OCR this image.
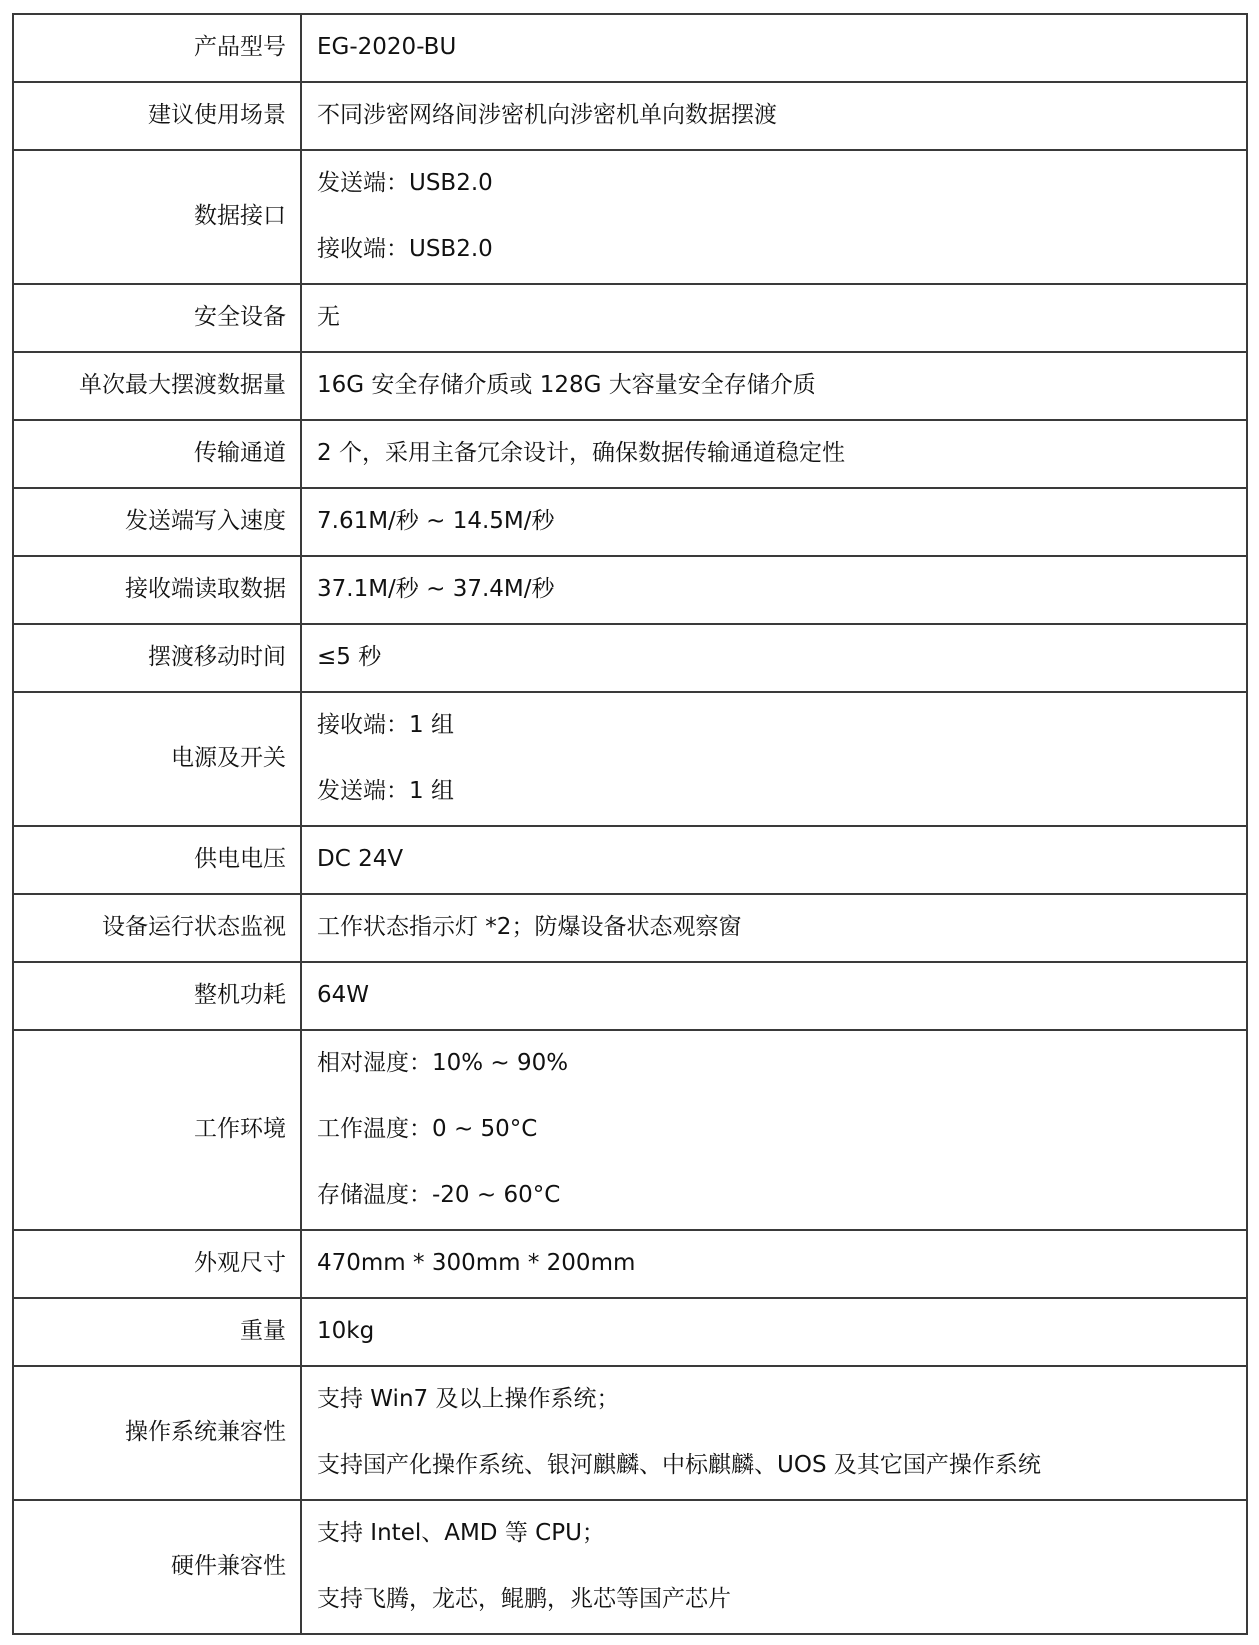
产品型号	EG-2020-BU

建议使用场景	不同涉密网络间涉密机向涉密机单向数据摆渡

数据接口	发送端：USB2.0
接收端：USB2.0

安全设备	无

单次最大摆渡数据量	16G 安全存储介质或 128G 大容量安全存储介质

传输通道	2 个，采用主备冗余设计，确保数据传输通道稳定性

发送端写入速度	7.61M/秒 ~ 14.5M/秒

接收端读取数据	37.1M/秒 ~ 37.4M/秒

摆渡移动时间	≤5 秒

电源及开关	接收端：1 组
发送端：1 组

供电电压	DC 24V

设备运行状态监视	工作状态指示灯 *2；防爆设备状态观察窗

整机功耗	64W

工作环境	相对湿度：10% ~ 90%
工作温度：0 ~ 50°C
存储温度：-20 ~ 60°C

外观尺寸	470mm * 300mm * 200mm

重量	10kg

操作系统兼容性	支持 Win7 及以上操作系统；
支持国产化操作系统、银河麒麟、中标麒麟、UOS 及其它国产操作系统

硬件兼容性	支持 Intel、AMD 等 CPU；
支持飞腾，龙芯，鲲鹏，兆芯等国产芯片
